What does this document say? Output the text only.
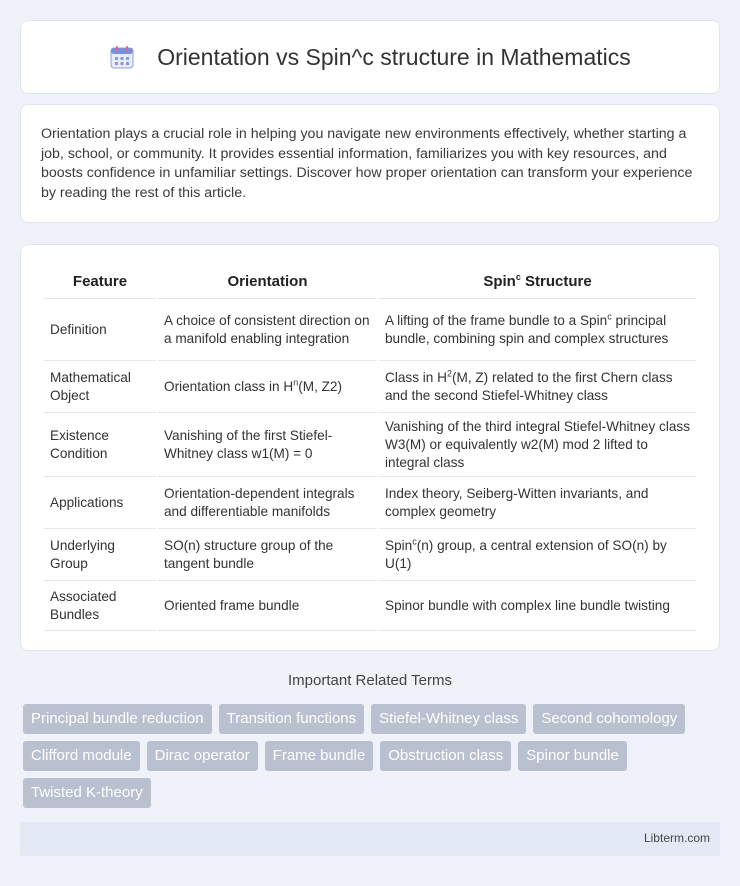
Orientation vs Spin^c structure in Mathematics

Orientation plays a crucial role in helping you navigate new environments effectively, whether starting a job, school, or community. It provides essential information, familiarizes you with key resources, and boosts confidence in unfamiliar settings. Discover how proper orientation can transform your experience by reading the rest of this article.

Feature	Orientation	Spin$^c$ Structure
Definition	A choice of consistent direction on a manifold enabling integration	A lifting of the frame bundle to a Spin$^c$ principal bundle, combining spin and complex structures
Mathematical Object	Orientation class in $H^n(M$, Z2)	Class in $H^2(M$, Z) related to the first Chern class and the second Stiefel-Whitney class
Existence Condition	Vanishing of the first Stiefel-Whitney class w1(M) = 0	Vanishing of the third integral Stiefel-Whitney class W3(M) or equivalently w2(M) mod 2 lifted to integral class
Applications	Orientation-dependent integrals and differentiable manifolds	Index theory, Seiberg-Witten invariants, and complex geometry
Underlying Group	SO(n) structure group of the tangent bundle	Spin$^c$(n) group, a central extension of SO(n) by U(1)
Associated Bundles	Oriented frame bundle	Spinor bundle with complex line bundle twisting
Important Related Terms
Principal bundle reduction	Transition functions	Stiefel-Whitney class	Second cohomology
Clifford module	Dirac operator	Frame bundle	Obstruction class	Spinor bundle
Twisted K-theory
Libterm.com
